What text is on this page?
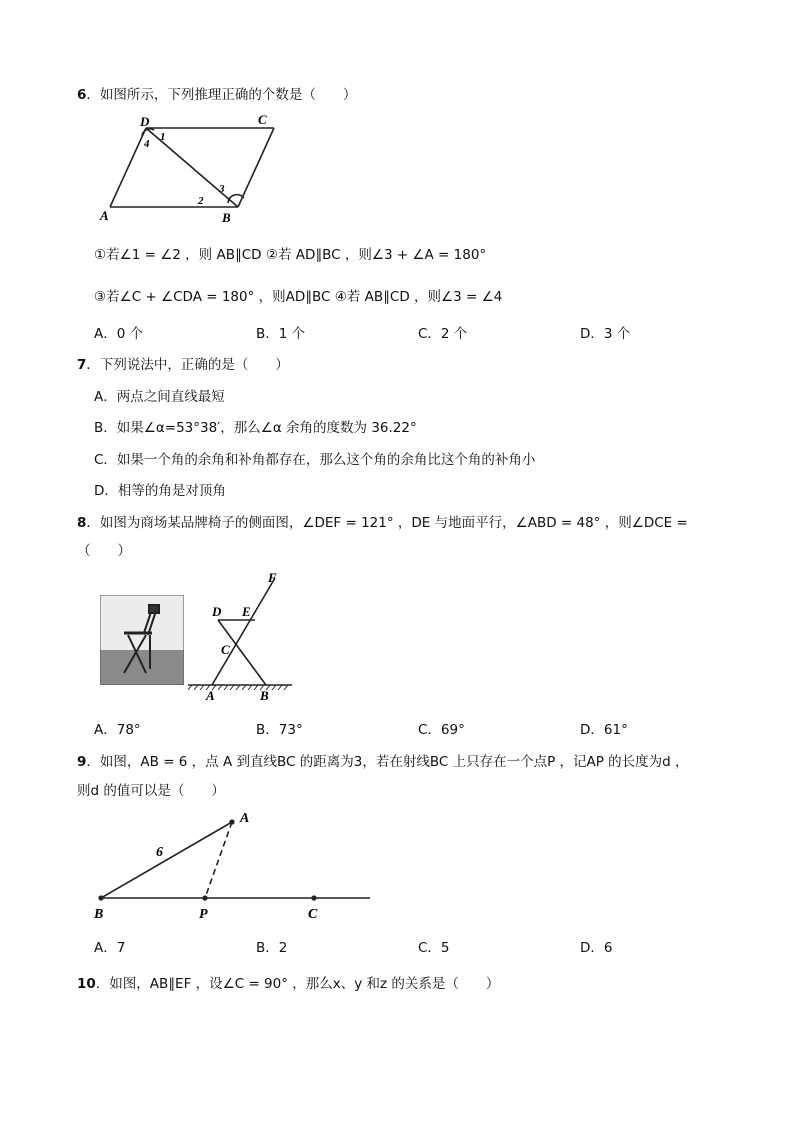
6．如图所示，下列推理正确的个数是（　　）
D	C
A	B
1
4
2
3
①若∠1 = ∠2 ，则 AB∥CD ②若 AD∥BC ，则∠3 + ∠A = 180°
③若∠C + ∠CDA = 180° ，则AD∥BC ④若 AB∥CD ，则∠3 = ∠4
A．0 个	B．1 个	C．2 个	D．3 个
7．下列说法中，正确的是（　　）
A．两点之间直线最短
B．如果∠α=53°38′，那么∠α 余角的度数为 36.22°
C．如果一个角的余角和补角都存在，那么这个角的余角比这个角的补角小
D．相等的角是对顶角
8．如图为商场某品牌椅子的侧面图，∠DEF = 121° ，DE 与地面平行，∠ABD = 48° ，则∠DCE =
（　　）
F
D E
C
A	B
A．78°	B．73°	C．69°	D．61°
9．如图，AB = 6 ，点 A 到直线BC 的距离为3，若在射线BC 上只存在一个点P ，记AP 的长度为d ，
则d 的值可以是（　　）
A
B	P	C
6
A．7	B．2	C．5	D．6
10．如图，AB∥EF ，设∠C = 90° ，那么x、y 和z 的关系是（　　）
